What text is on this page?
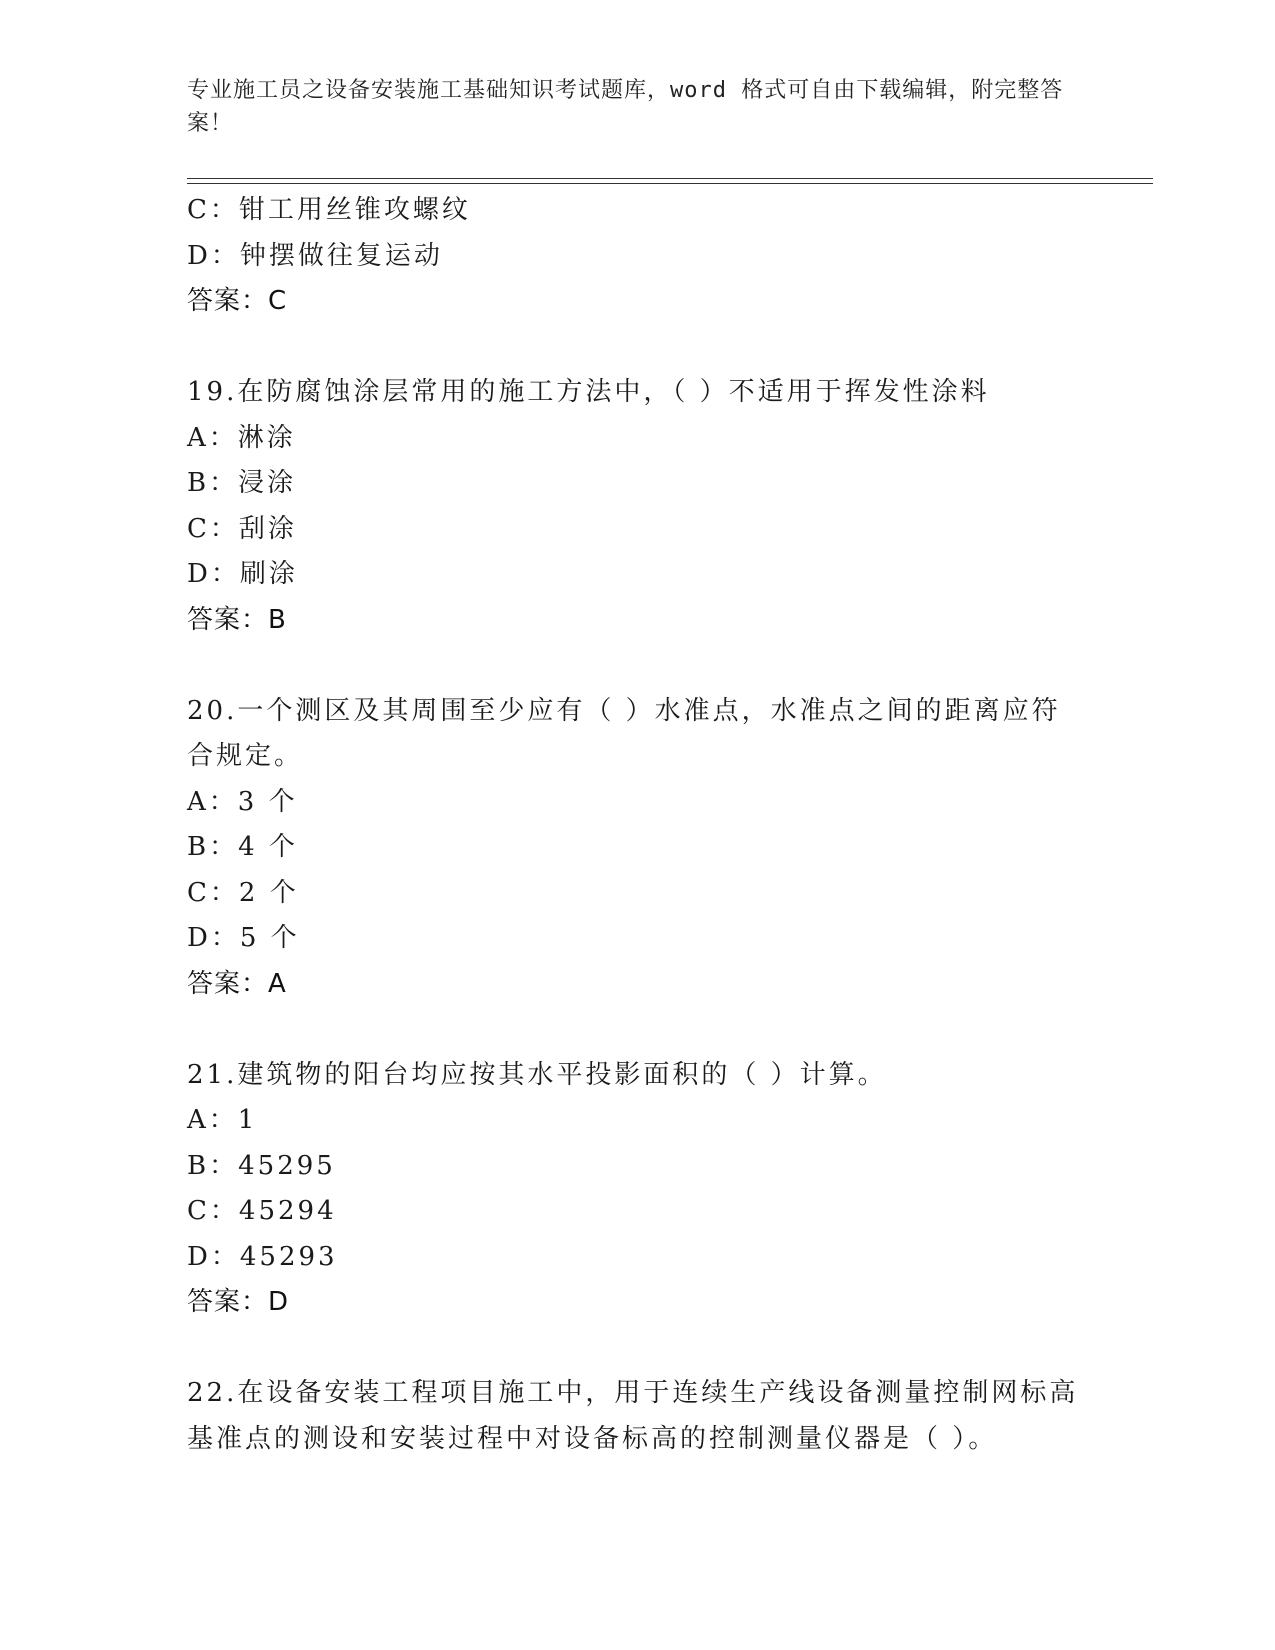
专业施工员之设备安装施工基础知识考试题库，word 格式可自由下载编辑，附完整答案！
C：钳工用丝锥攻螺纹
D：钟摆做往复运动
答案：C
19.在防腐蚀涂层常用的施工方法中，（ ）不适用于挥发性涂料
A：淋涂
B：浸涂
C：刮涂
D：刷涂
答案：B
20.一个测区及其周围至少应有（ ）水准点，水准点之间的距离应符合规定。
A：3 个
B：4 个
C：2 个
D：5 个
答案：A
21.建筑物的阳台均应按其水平投影面积的（ ）计算。
A：1
B：45295
C：45294
D：45293
答案：D
22.在设备安装工程项目施工中，用于连续生产线设备测量控制网标高基准点的测设和安装过程中对设备标高的控制测量仪器是（ ）。
